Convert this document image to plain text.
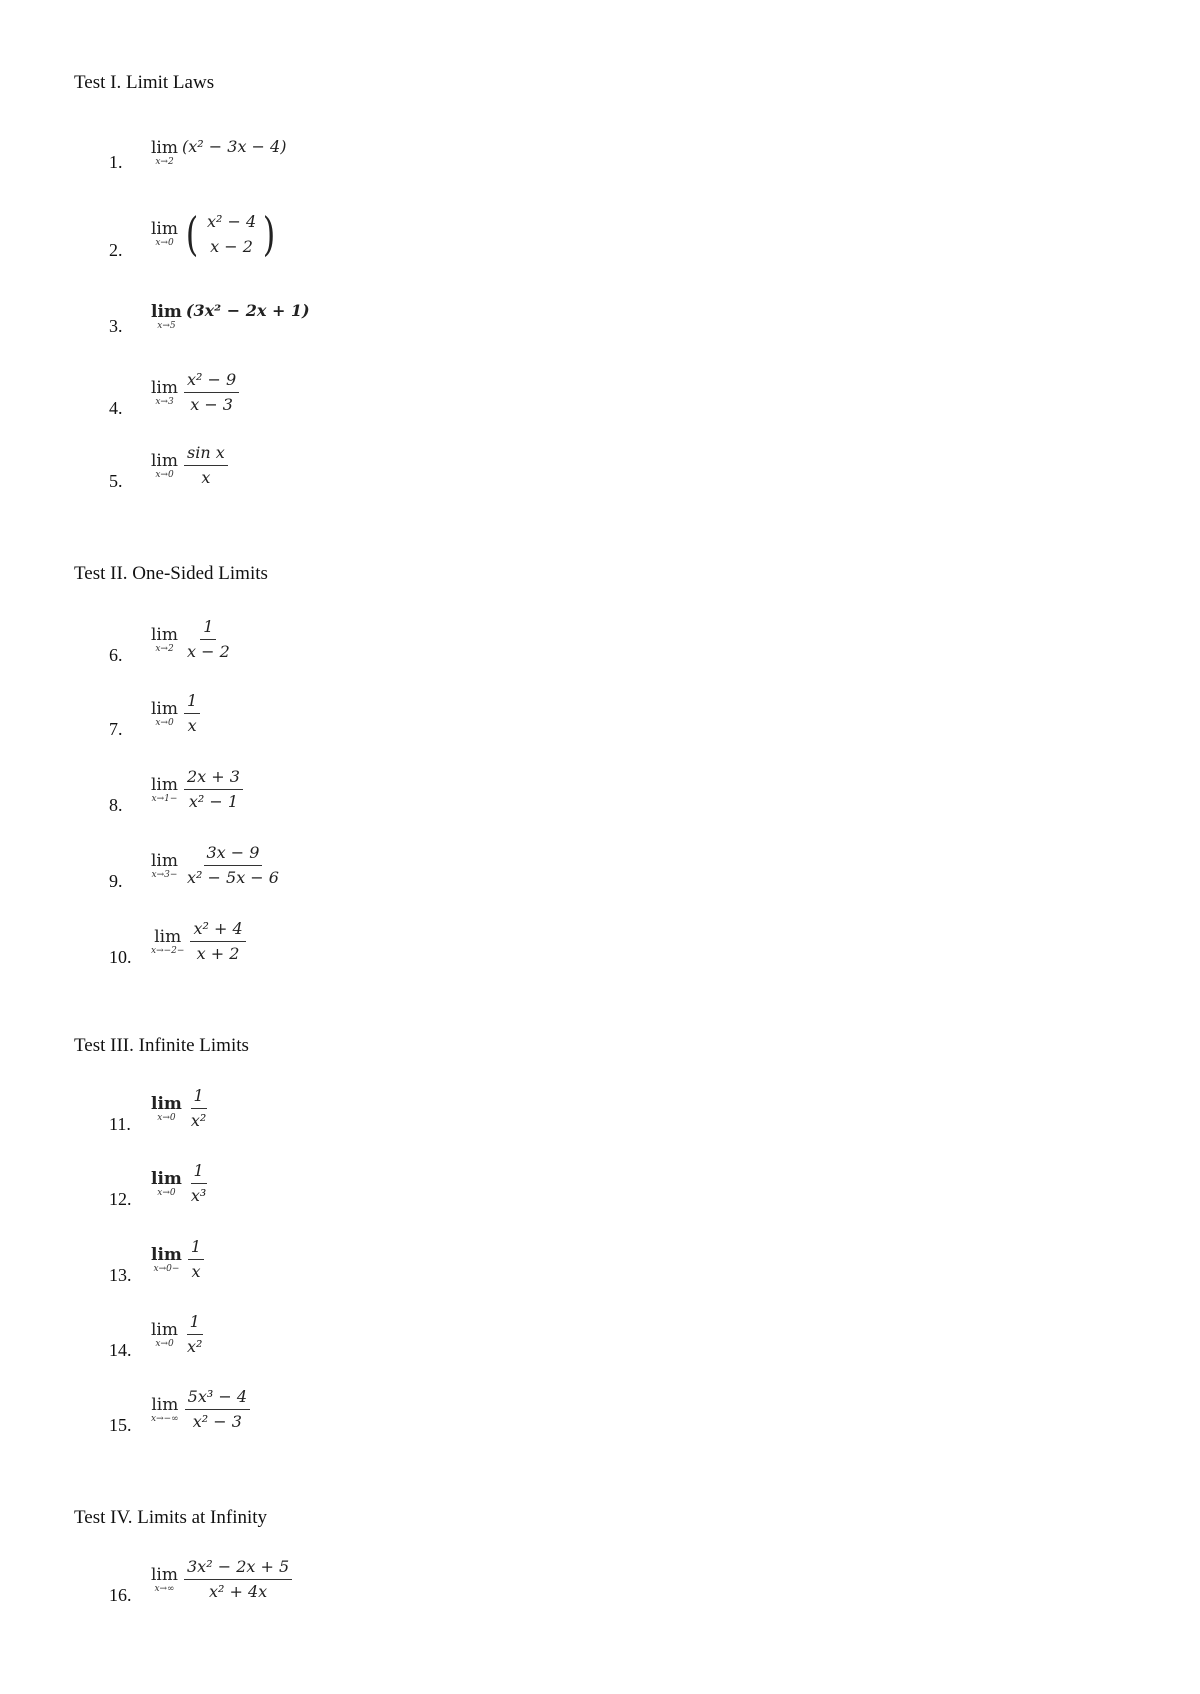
Test I. Limit Laws
1.
lim
x→2
(x² − 3x − 4)
2.
lim
x→0 ( x² − 4
x − 2 )
3.
lim
x→5
(3x² − 2x + 1)
4.
lim
$x\to 3 \frac{\text{x² − 9}}{x - 3}$
5.
lim
$x\to 0 \frac{\text{sin x}}{x}$
Test II. One-Sided Limits
6.
lim
$x\to 2 \frac{1}{x - 2}$
7.
lim
$x\to 0 \frac{1}{x}$
8.
lim
$x\to 1- \frac{2x + 3}{\text{x² − 1}}$
9.
lim
$x\to 3- \frac{3x - 9}{\text{x² − 5x − 6}}$
10.
lim
$x\to-2- \frac{\text{x² + 4}}{x + 2}$
Test III. Infinite Limits
11.
lim
$x\to 0 \frac{1}{\text{x²}}$
12.
lim
$x\to 0 \frac{1}{\text{x³}}$
13.
lim
$x\to 0- \frac{1}{x}$
14.
lim
$x\to 0 \frac{1}{\text{x²}}$
15.
lim
$x\to-\infty \frac{\text{5x³ − 4}}{\text{x² − 3}}$
Test IV. Limits at Infinity
16.
lim
$x\to\infty \frac{\text{3x² − 2x + 5}}{\text{x² + 4x}}$
